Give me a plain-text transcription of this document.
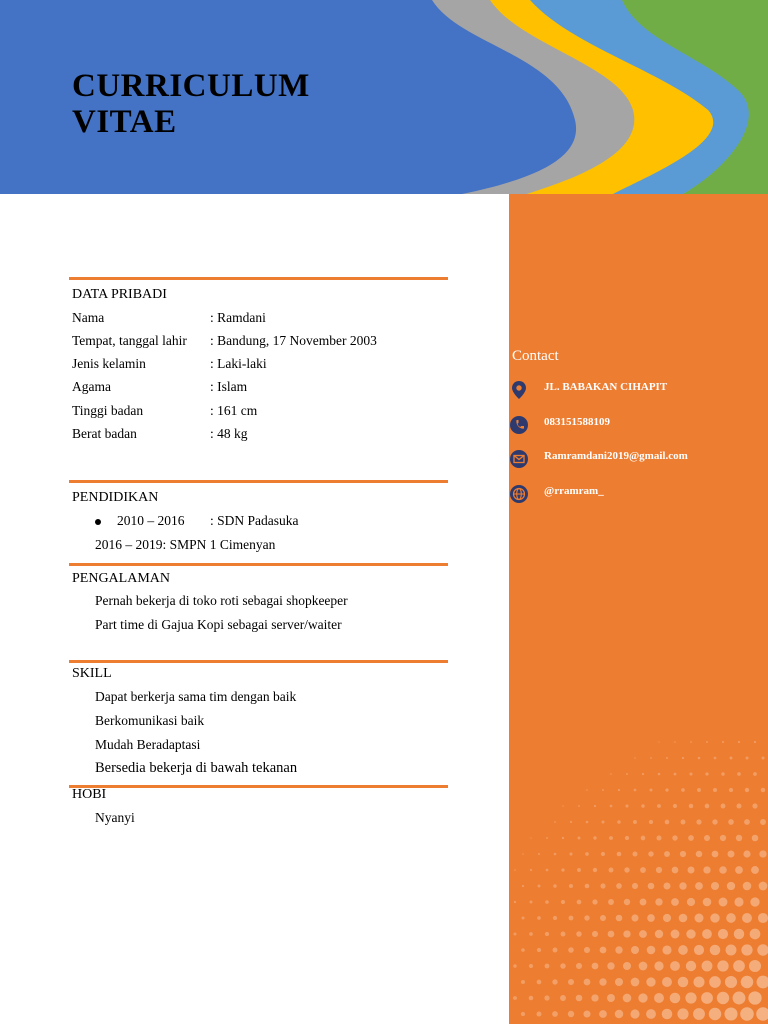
CURRICULUM
VITAE
Contact
JL. BABAKAN CIHAPIT
083151588109
Ramramdani2019@gmail.com
@rramram_
DATA PRIBADI
Nama	: Ramdani
Tempat, tanggal lahir : Bandung, 17 November 2003
Jenis kelamin	: Laki-laki
Agama	: Islam
Tinggi badan	: 161 cm
Berat badan	: 48 kg
PENDIDIKAN
2010 – 2016 : SDN Padasuka
2016 – 2019: SMPN 1 Cimenyan
PENGALAMAN
Pernah bekerja di toko roti sebagai shopkeeper
Part time di Gajua Kopi sebagai server/waiter
SKILL
Dapat berkerja sama tim dengan baik
Berkomunikasi baik
Mudah Beradaptasi
Bersedia bekerja di bawah tekanan
HOBI
Nyanyi
